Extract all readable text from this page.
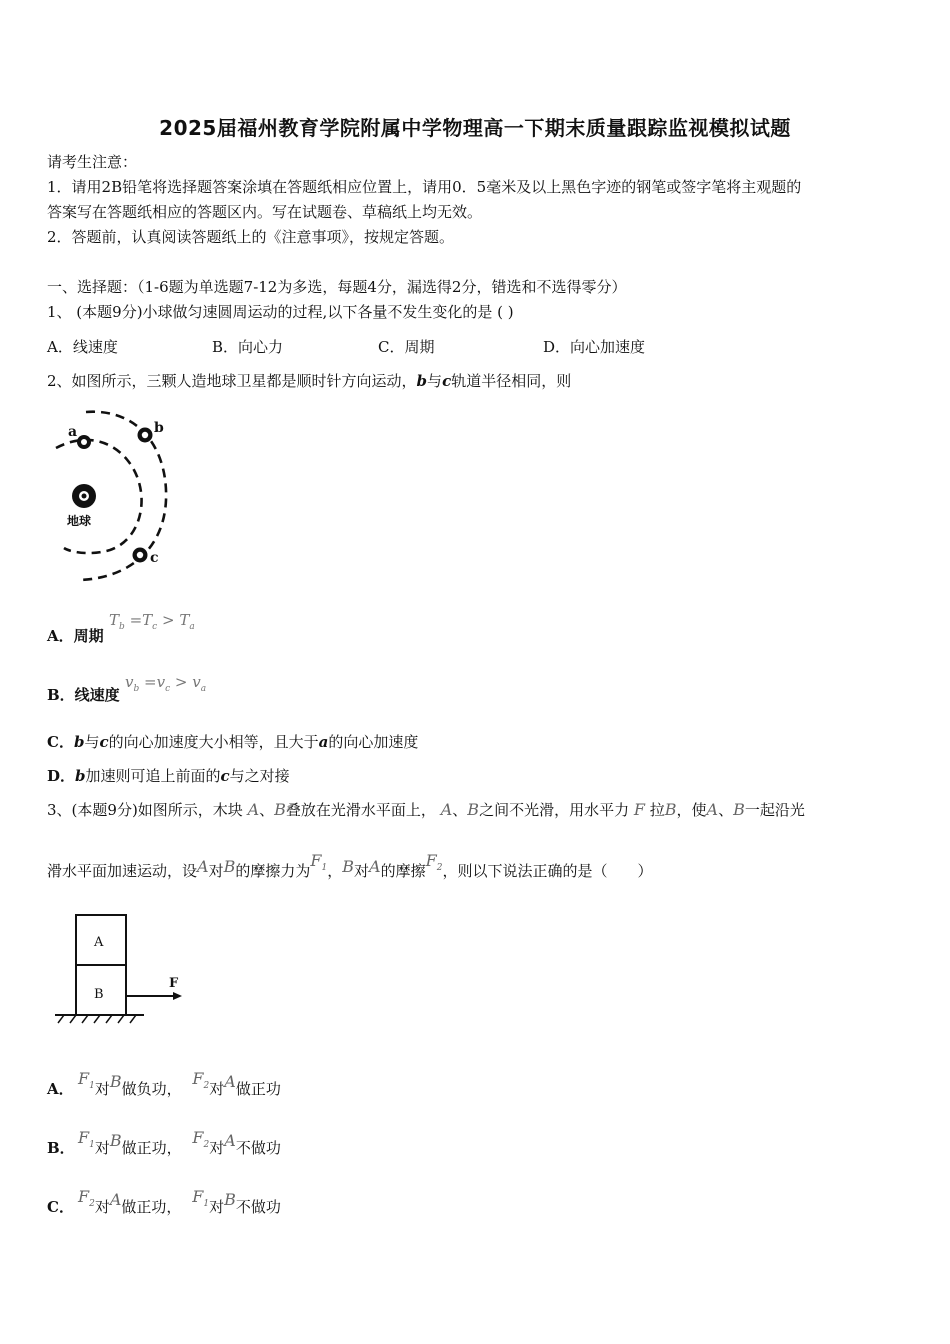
2025届福州教育学院附属中学物理高一下期末质量跟踪监视模拟试题
请考生注意：
1．请用2B铅笔将选择题答案涂填在答题纸相应位置上，请用0．5毫米及以上黑色字迹的钢笔或签字笔将主观题的
答案写在答题纸相应的答题区内。写在试题卷、草稿纸上均无效。
2．答题前，认真阅读答题纸上的《注意事项》，按规定答题。
一、选择题：（1-6题为单选题7-12为多选，每题4分，漏选得2分，错选和不选得零分）
1、 (本题9分)小球做匀速圆周运动的过程,以下各量不发生变化的是 ( )
A．线速度	B．向心力	C．周期	D．向心加速度
2、如图所示，三颗人造地球卫星都是顺时针方向运动，b与c轨道半径相同，则
a	b
c
地球
A．周期
$T_b =T_c > T_a$
B．线速度
$v_b =v_c > v_a$
C．b与c的向心加速度大小相等，且大于a的向心加速度
D．b加速则可追上前面的c与之对接
3、(本题9分)如图所示，木块 A、B叠放在光滑水平面上， A、B之间不光滑，用水平力 F 拉B，使A、B一起沿光
滑水平面加速运动，设A对B的摩擦力为$F_1$，B对A的摩擦$F_2$，则以下说法正确的是（　　）
A
B
F
A．
$F_1$对B做负功， $F_2$对A做正功
B．
$F_1$对B做正功， $F_2$对A不做功
C．
$F_2$对A做正功， $F_1$对B不做功
